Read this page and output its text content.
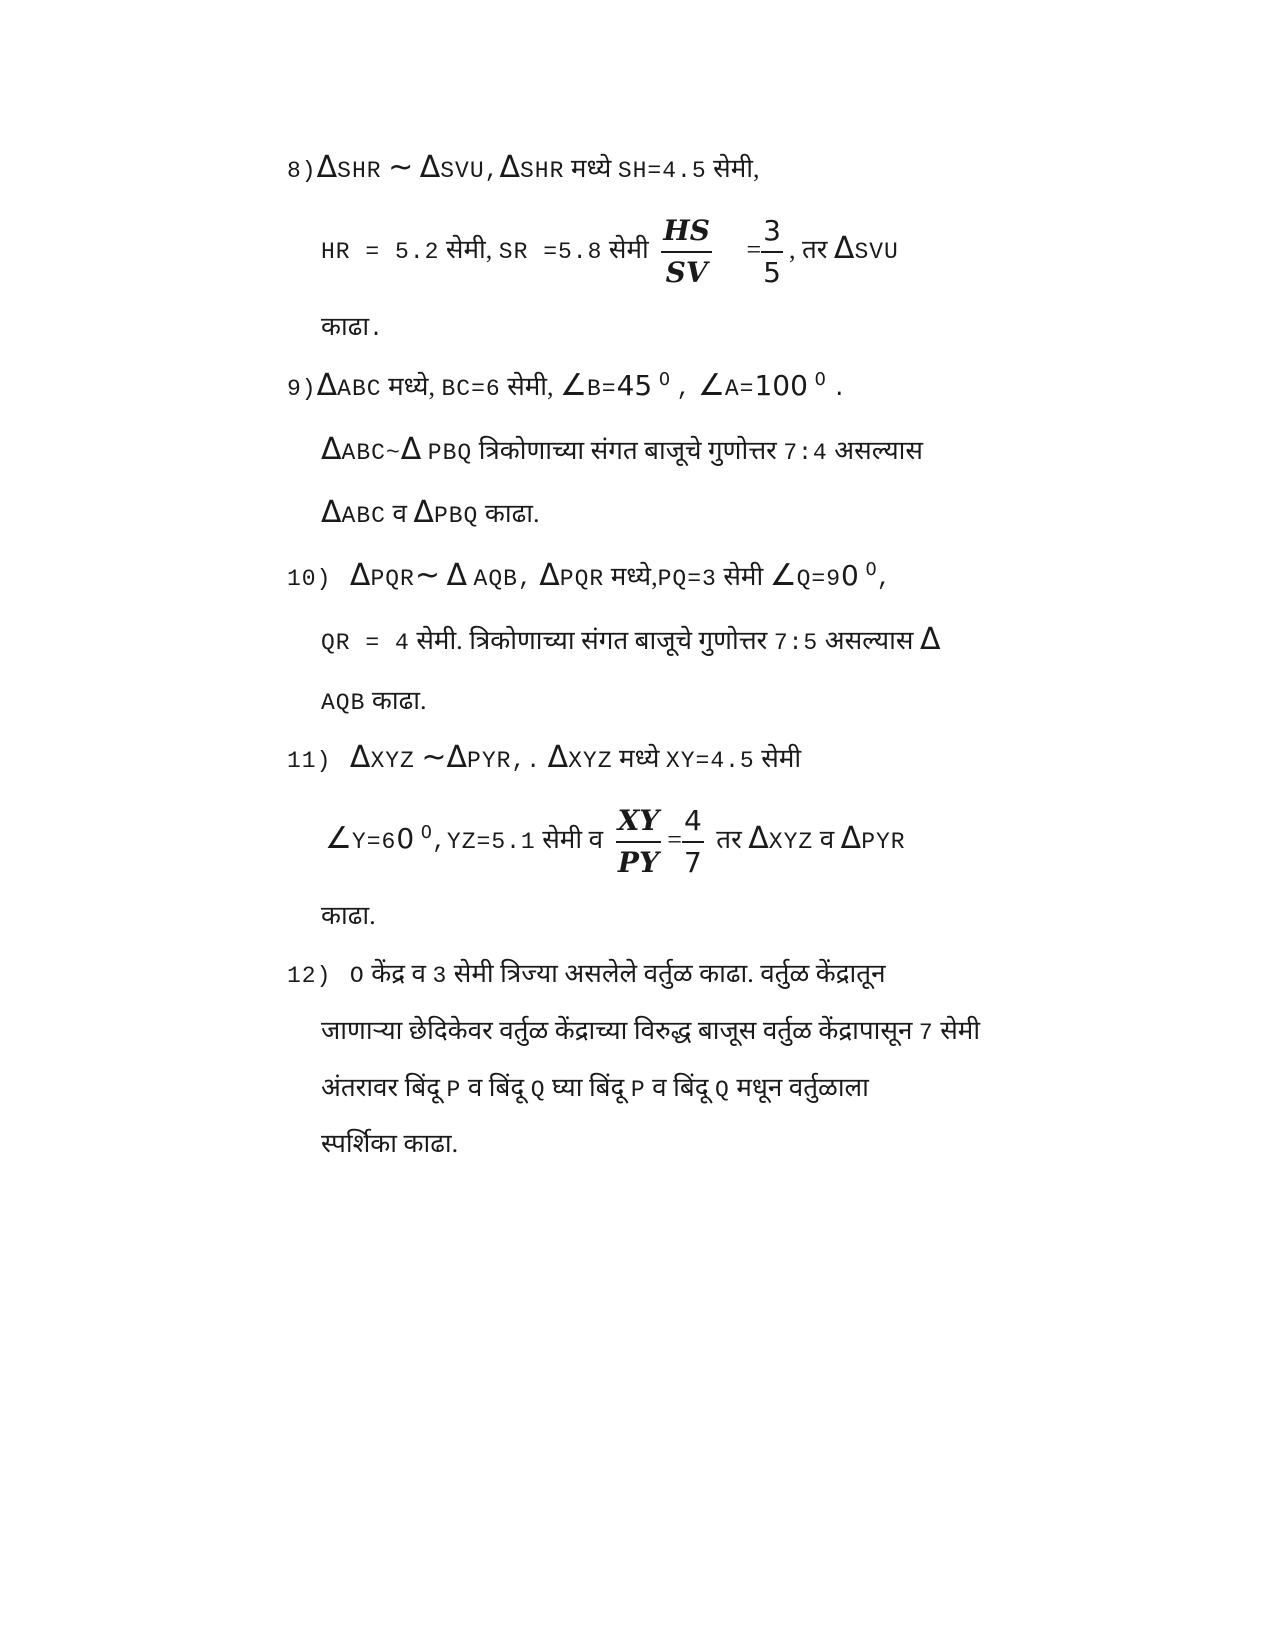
8)ΔSHR ~ ΔSVU,ΔSHR मध्ये SH=4.5 सेमी,
HR = 5.2 सेमी, SR =5.8 सेमी $\frac{HS}{SV} = \frac{3}{5}$ , तर ΔSVU
काढा.
9)ΔABC मध्ये, BC=6 सेमी, ∠B=45 $^0$ , ∠A=100 $^0$ .
ΔABC~Δ PBQ त्रिकोणाच्या संगत बाजूचे गुणोत्तर 7:4 असल्यास
ΔABC व ΔPBQ काढा.
10) ΔPQR~ Δ AQB, ΔPQR मध्ये,PQ=3 सेमी ∠Q=90 $^0$,
QR = 4 सेमी. त्रिकोणाच्या संगत बाजूचे गुणोत्तर 7:5 असल्यास Δ
AQB काढा.
11) ΔXYZ ~ΔPYR,. ΔXYZ मध्ये XY=4.5 सेमी
∠Y=60 $^0$,YZ=5.1 सेमी व $\frac{XY}{PY} = \frac{4}{7}$ तर ΔXYZ व ΔPYR
काढा.
12) O केंद्र व 3 सेमी त्रिज्या असलेले वर्तुळ काढा. वर्तुळ केंद्रातून
जाणाऱ्या छेदिकेवर वर्तुळ केंद्राच्या विरुद्ध बाजूस वर्तुळ केंद्रापासून 7 सेमी
अंतरावर बिंदू P व बिंदू Q घ्या बिंदू P व बिंदू Q मधून वर्तुळाला
स्पर्शिका काढा.
